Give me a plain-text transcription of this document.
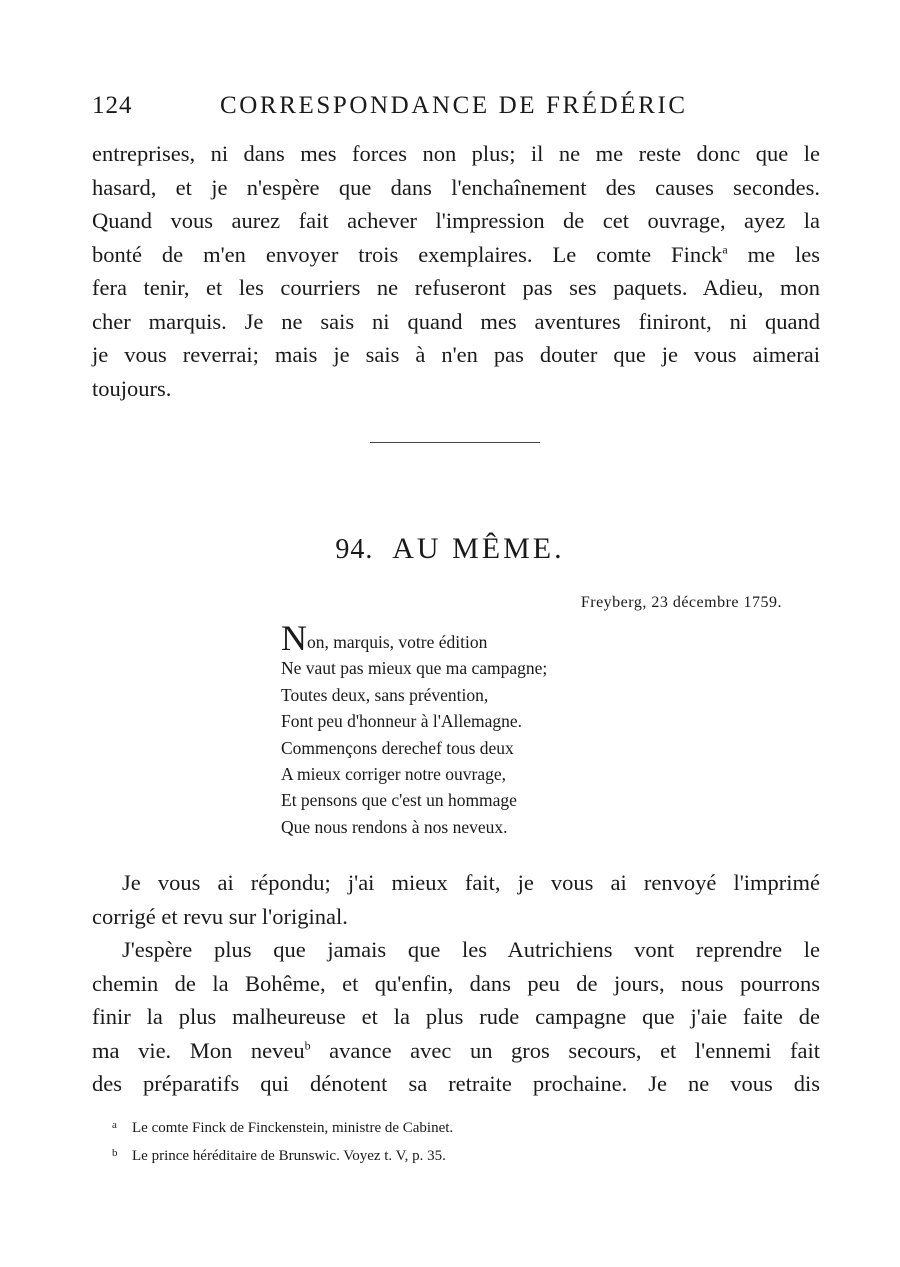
124	CORRESPONDANCE DE FRÉDÉRIC
entreprises, ni dans mes forces non plus; il ne me reste donc que le
hasard, et je n'espère que dans l'enchaînement des causes secondes.
Quand vous aurez fait achever l'impression de cet ouvrage, ayez la
bonté de m'en envoyer trois exemplaires. Le comte Finck$^a$ me les
fera tenir, et les courriers ne refuseront pas ses paquets. Adieu, mon
cher marquis. Je ne sais ni quand mes aventures finiront, ni quand
je vous reverrai; mais je sais à n'en pas douter que je vous aimerai
toujours.
94. AU MÊME.
Freyberg, 23 décembre 1759.
Non, marquis, votre édition
Ne vaut pas mieux que ma campagne;
Toutes deux, sans prévention,
Font peu d'honneur à l'Allemagne.
Commençons derechef tous deux
A mieux corriger notre ouvrage,
Et pensons que c'est un hommage
Que nous rendons à nos neveux.
Je vous ai répondu; j'ai mieux fait, je vous ai renvoyé l'imprimé
corrigé et revu sur l'original.
J'espère plus que jamais que les Autrichiens vont reprendre le
chemin de la Bohême, et qu'enfin, dans peu de jours, nous pourrons
finir la plus malheureuse et la plus rude campagne que j'aie faite de
ma vie. Mon neveu$^b$ avance avec un gros secours, et l'ennemi fait
des préparatifs qui dénotent sa retraite prochaine. Je ne vous dis
a Le comte Finck de Finckenstein, ministre de Cabinet.
b Le prince héréditaire de Brunswic. Voyez t. V, p. 35.
